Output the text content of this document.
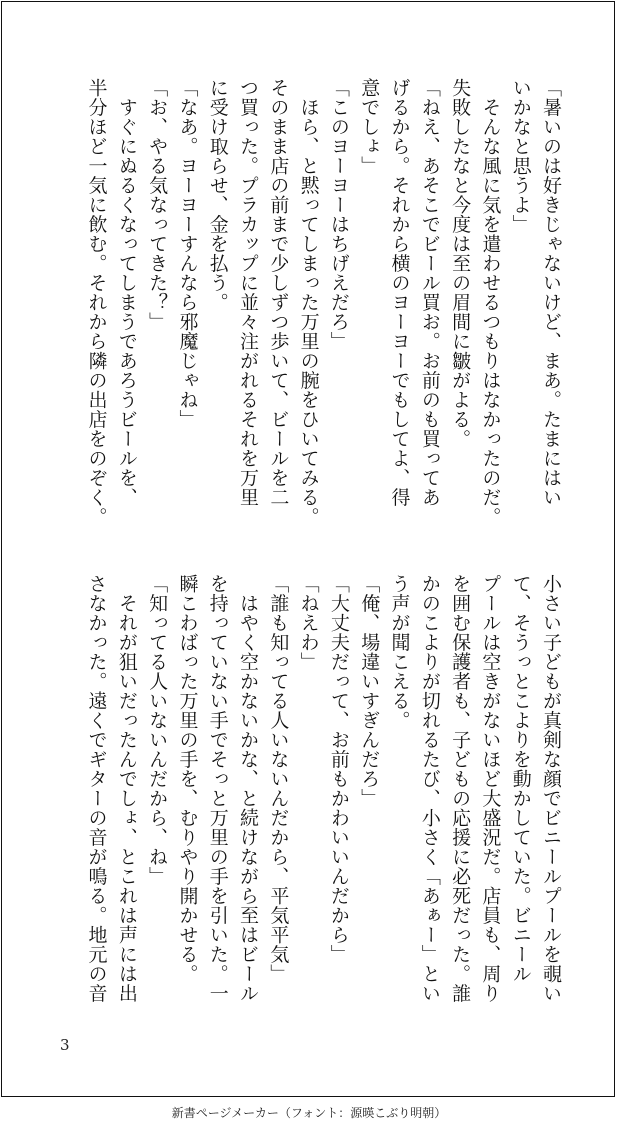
「暑いのは好きじゃないけど、まあ。たまにはい
いかなと思うよ」
　そんな風に気を遣わせるつもりはなかったのだ。
失敗したなと今度は至の眉間に皺がよる。
「ねえ、あそこでビール買お。お前のも買ってあ
げるから。それから横のヨーヨーでもしてよ、得
意でしょ」
「このヨーヨーはちげえだろ」
　ほら、と黙ってしまった万里の腕をひいてみる。
そのまま店の前まで少しずつ歩いて、ビールを二
つ買った。プラカップに並々注がれるそれを万里
に受け取らせ、金を払う。
「なあ。ヨーヨーすんなら邪魔じゃね」
「お、やる気なってきた？」
　すぐにぬるくなってしまうであろうビールを、
半分ほど一気に飲む。それから隣の出店をのぞく。
小さい子どもが真剣な顔でビニールプールを覗い
て、そうっとこよりを動かしていた。ビニール
プールは空きがないほど大盛況だ。店員も、周り
を囲む保護者も、子どもの応援に必死だった。誰
かのこよりが切れるたび、小さく「あぁー」とい
う声が聞こえる。
「俺、場違いすぎんだろ」
「大丈夫だって、お前もかわいいんだから」
「ねえわ」
「誰も知ってる人いないんだから、平気平気」
　はやく空かないかな、と続けながら至はビール
を持っていない手でそっと万里の手を引いた。一
瞬こわばった万里の手を、むりやり開かせる。
「知ってる人いないんだから、ね」
　それが狙いだったんでしょ、とこれは声には出
さなかった。遠くでギターの音が鳴る。地元の音
3
新書ページメーカー（フォント：源暎こぶり明朝）
